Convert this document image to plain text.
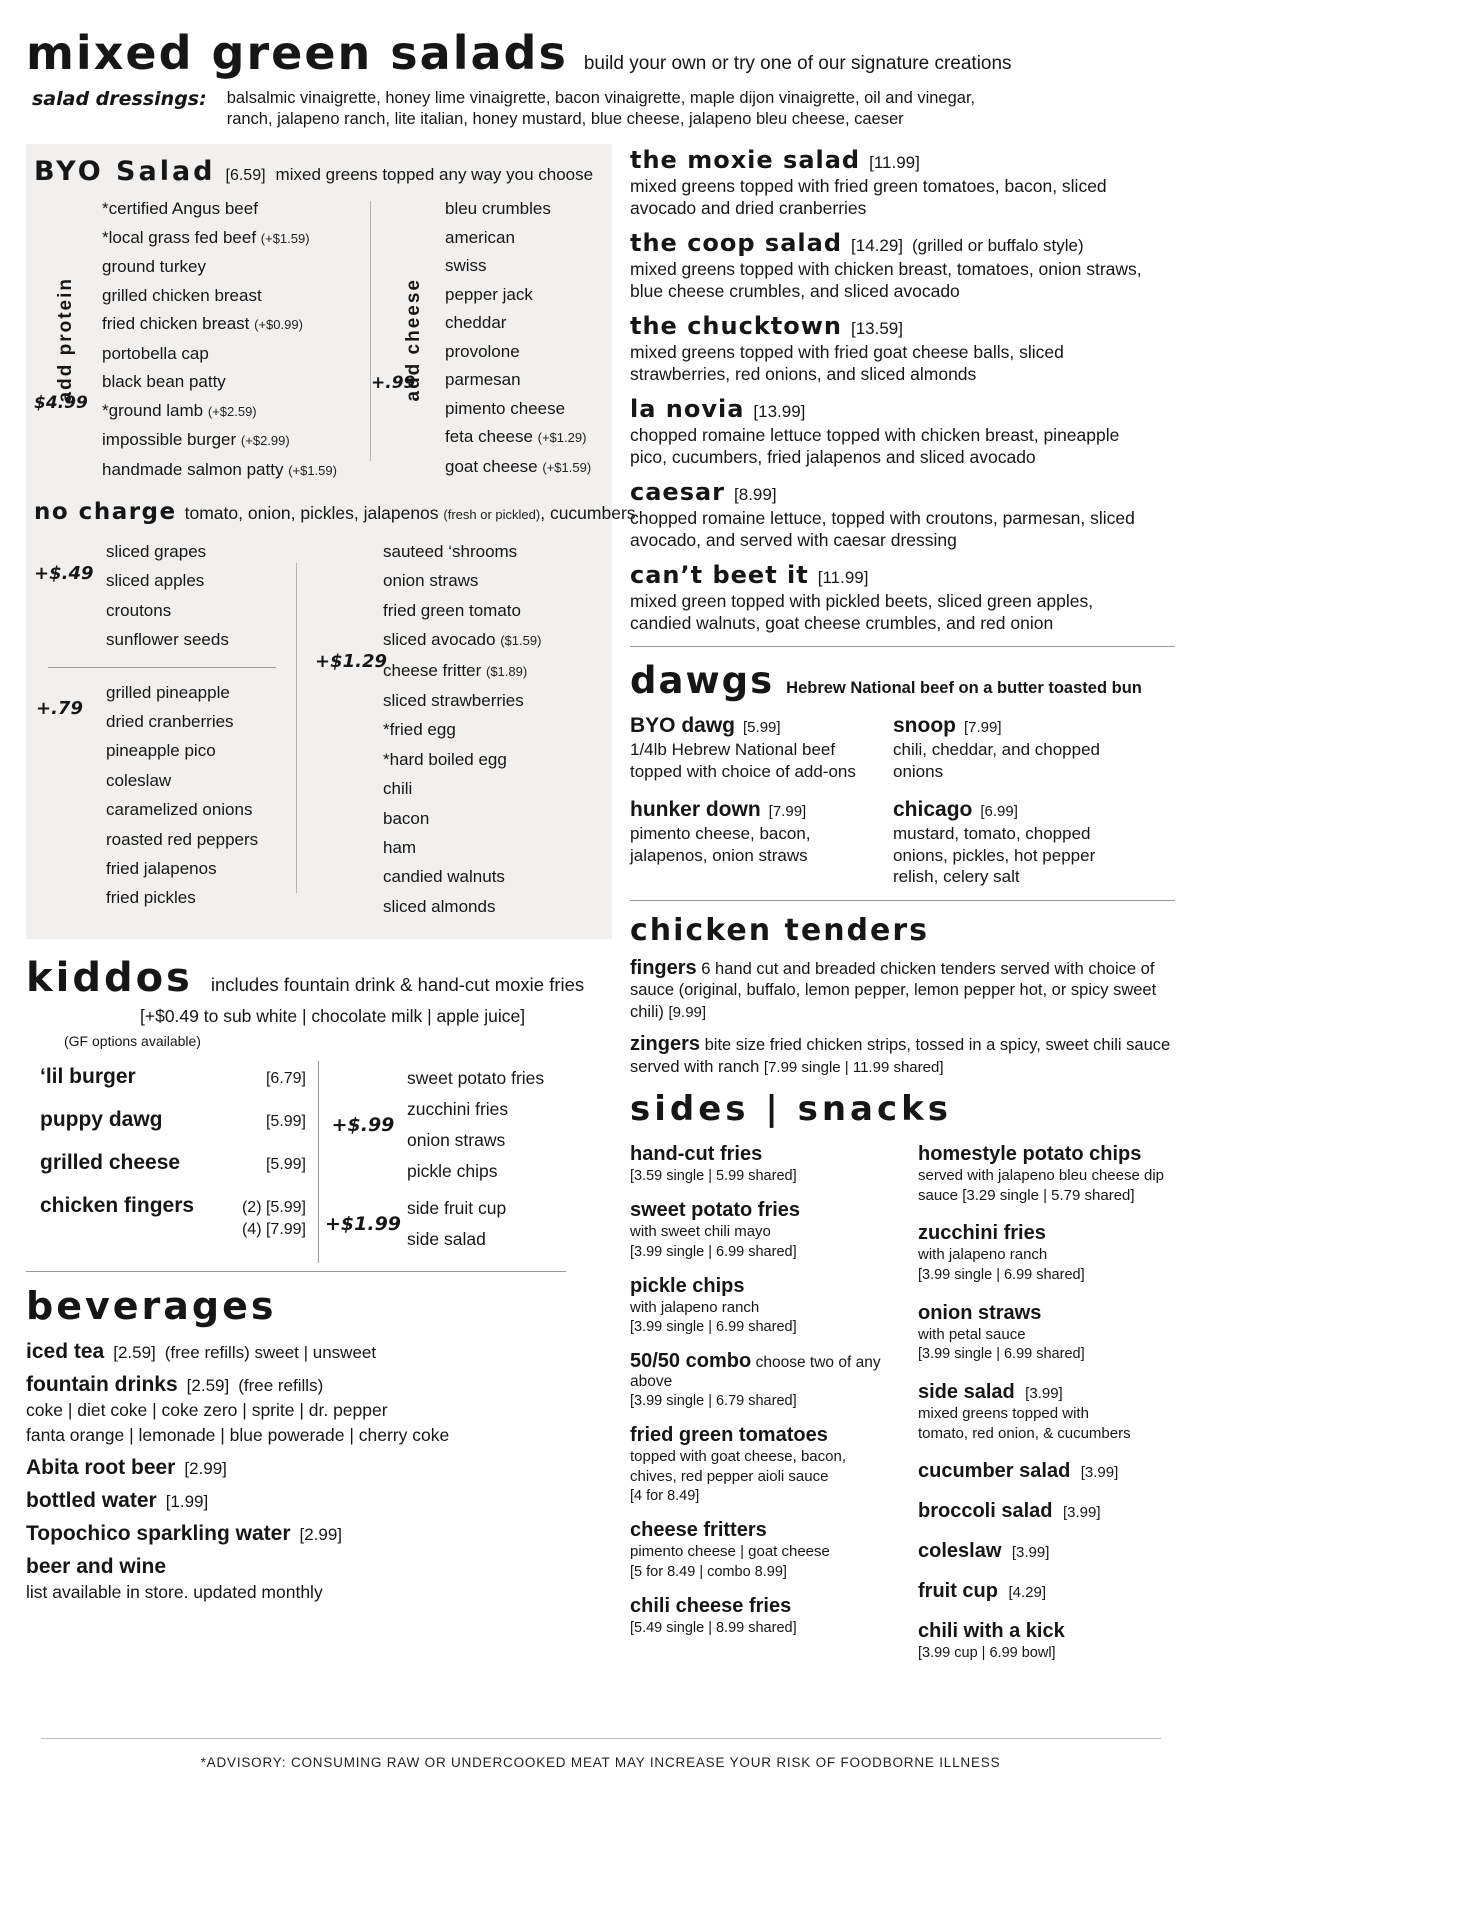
mixed green salads build your own or try one of our signature creations
salad dressings: balsalmic vinaigrette, honey lime vinaigrette, bacon vinaigrette, maple dijon vinaigrette, oil and vinegar,
ranch, jalapeno ranch, lite italian, honey mustard, blue cheese, jalapeno bleu cheese, caeser
BYO Salad [6.59] mixed greens topped any way you choose
add protein
$4.99
*certified Angus beef
*local grass fed beef (+$1.59)
ground turkey
grilled chicken breast
fried chicken breast (+$0.99)
portobella cap
black bean patty
*ground lamb (+$2.59)
impossible burger (+$2.99)
handmade salmon patty (+$1.59)
add cheese
+.99
bleu crumbles
american
swiss
pepper jack
cheddar
provolone
parmesan
pimento cheese
feta cheese (+$1.29)
goat cheese (+$1.59)
no charge tomato, onion, pickles, jalapenos (fresh or pickled), cucumbers
+$.49
sliced grapes
sliced apples
croutons
sunflower seeds
+.79
grilled pineapple
dried cranberries
pineapple pico
coleslaw
caramelized onions
roasted red peppers
fried jalapenos
fried pickles
+$1.29
sauteed ‘shrooms
onion straws
fried green tomato
sliced avocado ($1.59)
cheese fritter ($1.89)
sliced strawberries
*fried egg
*hard boiled egg
chili
bacon
ham
candied walnuts
sliced almonds
kiddos includes fountain drink & hand-cut moxie fries
[+$0.49 to sub white | chocolate milk | apple juice]
(GF options available)
‘lil burger	[6.79]
puppy dawg	[5.99]
grilled cheese	[5.99]
chicken fingers	(2) [5.99]
(4) [7.99]
+$.99
sweet potato fries
zucchini fries
onion straws
pickle chips
+$1.99
side fruit cup
side salad
beverages
iced tea [2.59] (free refills) sweet | unsweet
fountain drinks [2.59] (free refills)
coke | diet coke | coke zero | sprite | dr. pepper
fanta orange | lemonade | blue powerade | cherry coke
Abita root beer [2.99]
bottled water [1.99]
Topochico sparkling water [2.99]
beer and wine
list available in store. updated monthly
the moxie salad [11.99]

mixed greens topped with fried green tomatoes, bacon, sliced avocado and dried cranberries

the coop salad [14.29] (grilled or buffalo style)

mixed greens topped with chicken breast, tomatoes, onion straws, blue cheese crumbles, and sliced avocado

the chucktown [13.59]

mixed greens topped with fried goat cheese balls, sliced strawberries, red onions, and sliced almonds

la novia [13.99]

chopped romaine lettuce topped with chicken breast, pineapple pico, cucumbers, fried jalapenos and sliced avocado

caesar [8.99]

chopped romaine lettuce, topped with croutons, parmesan, sliced avocado, and served with caesar dressing

can’t beet it [11.99]

mixed green topped with pickled beets, sliced green apples, candied walnuts, goat cheese crumbles, and red onion

dawgs Hebrew National beef on a butter toasted bun
BYO dawg [5.99]
1/4lb Hebrew National beef topped with choice of add-ons
snoop [7.99]
chili, cheddar, and chopped onions
hunker down [7.99]
pimento cheese, bacon, jalapenos, onion straws
chicago [6.99]
mustard, tomato, chopped onions, pickles, hot pepper relish, celery salt
chicken tenders

fingers 6 hand cut and breaded chicken tenders served with choice of sauce (original, buffalo, lemon pepper, lemon pepper hot, or spicy sweet chili) [9.99]

zingers bite size fried chicken strips, tossed in a spicy, sweet chili sauce served with ranch [7.99 single | 11.99 shared]

sides | snacks
hand-cut fries
[3.59 single | 5.99 shared]
sweet potato fries
with sweet chili mayo
[3.99 single | 6.99 shared]
pickle chips
with jalapeno ranch
[3.99 single | 6.99 shared]
50/50 combo choose two of any above
[3.99 single | 6.79 shared]
fried green tomatoes
topped with goat cheese, bacon,
chives, red pepper aioli sauce
[4 for 8.49]
cheese fritters
pimento cheese | goat cheese
[5 for 8.49 | combo 8.99]
chili cheese fries
[5.49 single | 8.99 shared]
homestyle potato chips
served with jalapeno bleu cheese dip
sauce [3.29 single | 5.79 shared]
zucchini fries
with jalapeno ranch
[3.99 single | 6.99 shared]
onion straws
with petal sauce
[3.99 single | 6.99 shared]
side salad [3.99]
mixed greens topped with
tomato, red onion, & cucumbers
cucumber salad [3.99]
broccoli salad [3.99]
coleslaw [3.99]
fruit cup [4.29]
chili with a kick
[3.99 cup | 6.99 bowl]
*ADVISORY: CONSUMING RAW OR UNDERCOOKED MEAT MAY INCREASE YOUR RISK OF FOODBORNE ILLNESS
